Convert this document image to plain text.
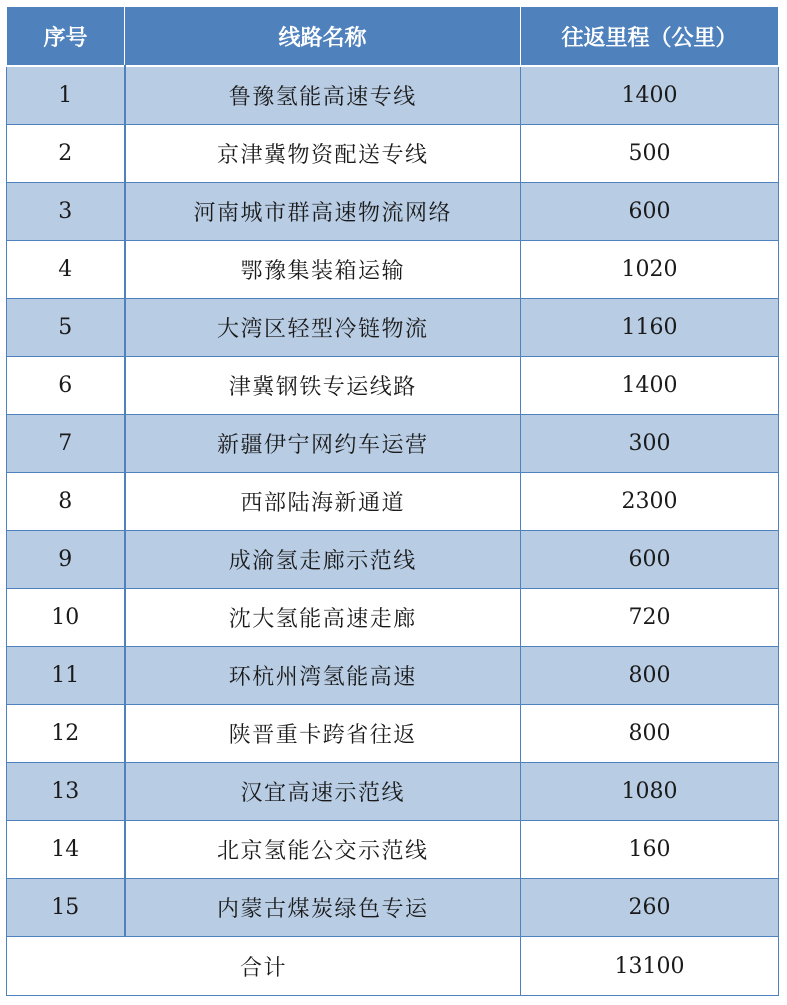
序号	线路名称	往返里程（公里）
1	鲁豫氢能高速专线	1400
2	京津冀物资配送专线	500
3	河南城市群高速物流网络	600
4	鄂豫集装箱运输	1020
5	大湾区轻型冷链物流	1160
6	津冀钢铁专运线路	1400
7	新疆伊宁网约车运营	300
8	西部陆海新通道	2300
9	成渝氢走廊示范线	600
10	沈大氢能高速走廊	720
11	环杭州湾氢能高速	800
12	陕晋重卡跨省往返	800
13	汉宜高速示范线	1080
14	北京氢能公交示范线	160
15	内蒙古煤炭绿色专运	260
合计		13100
